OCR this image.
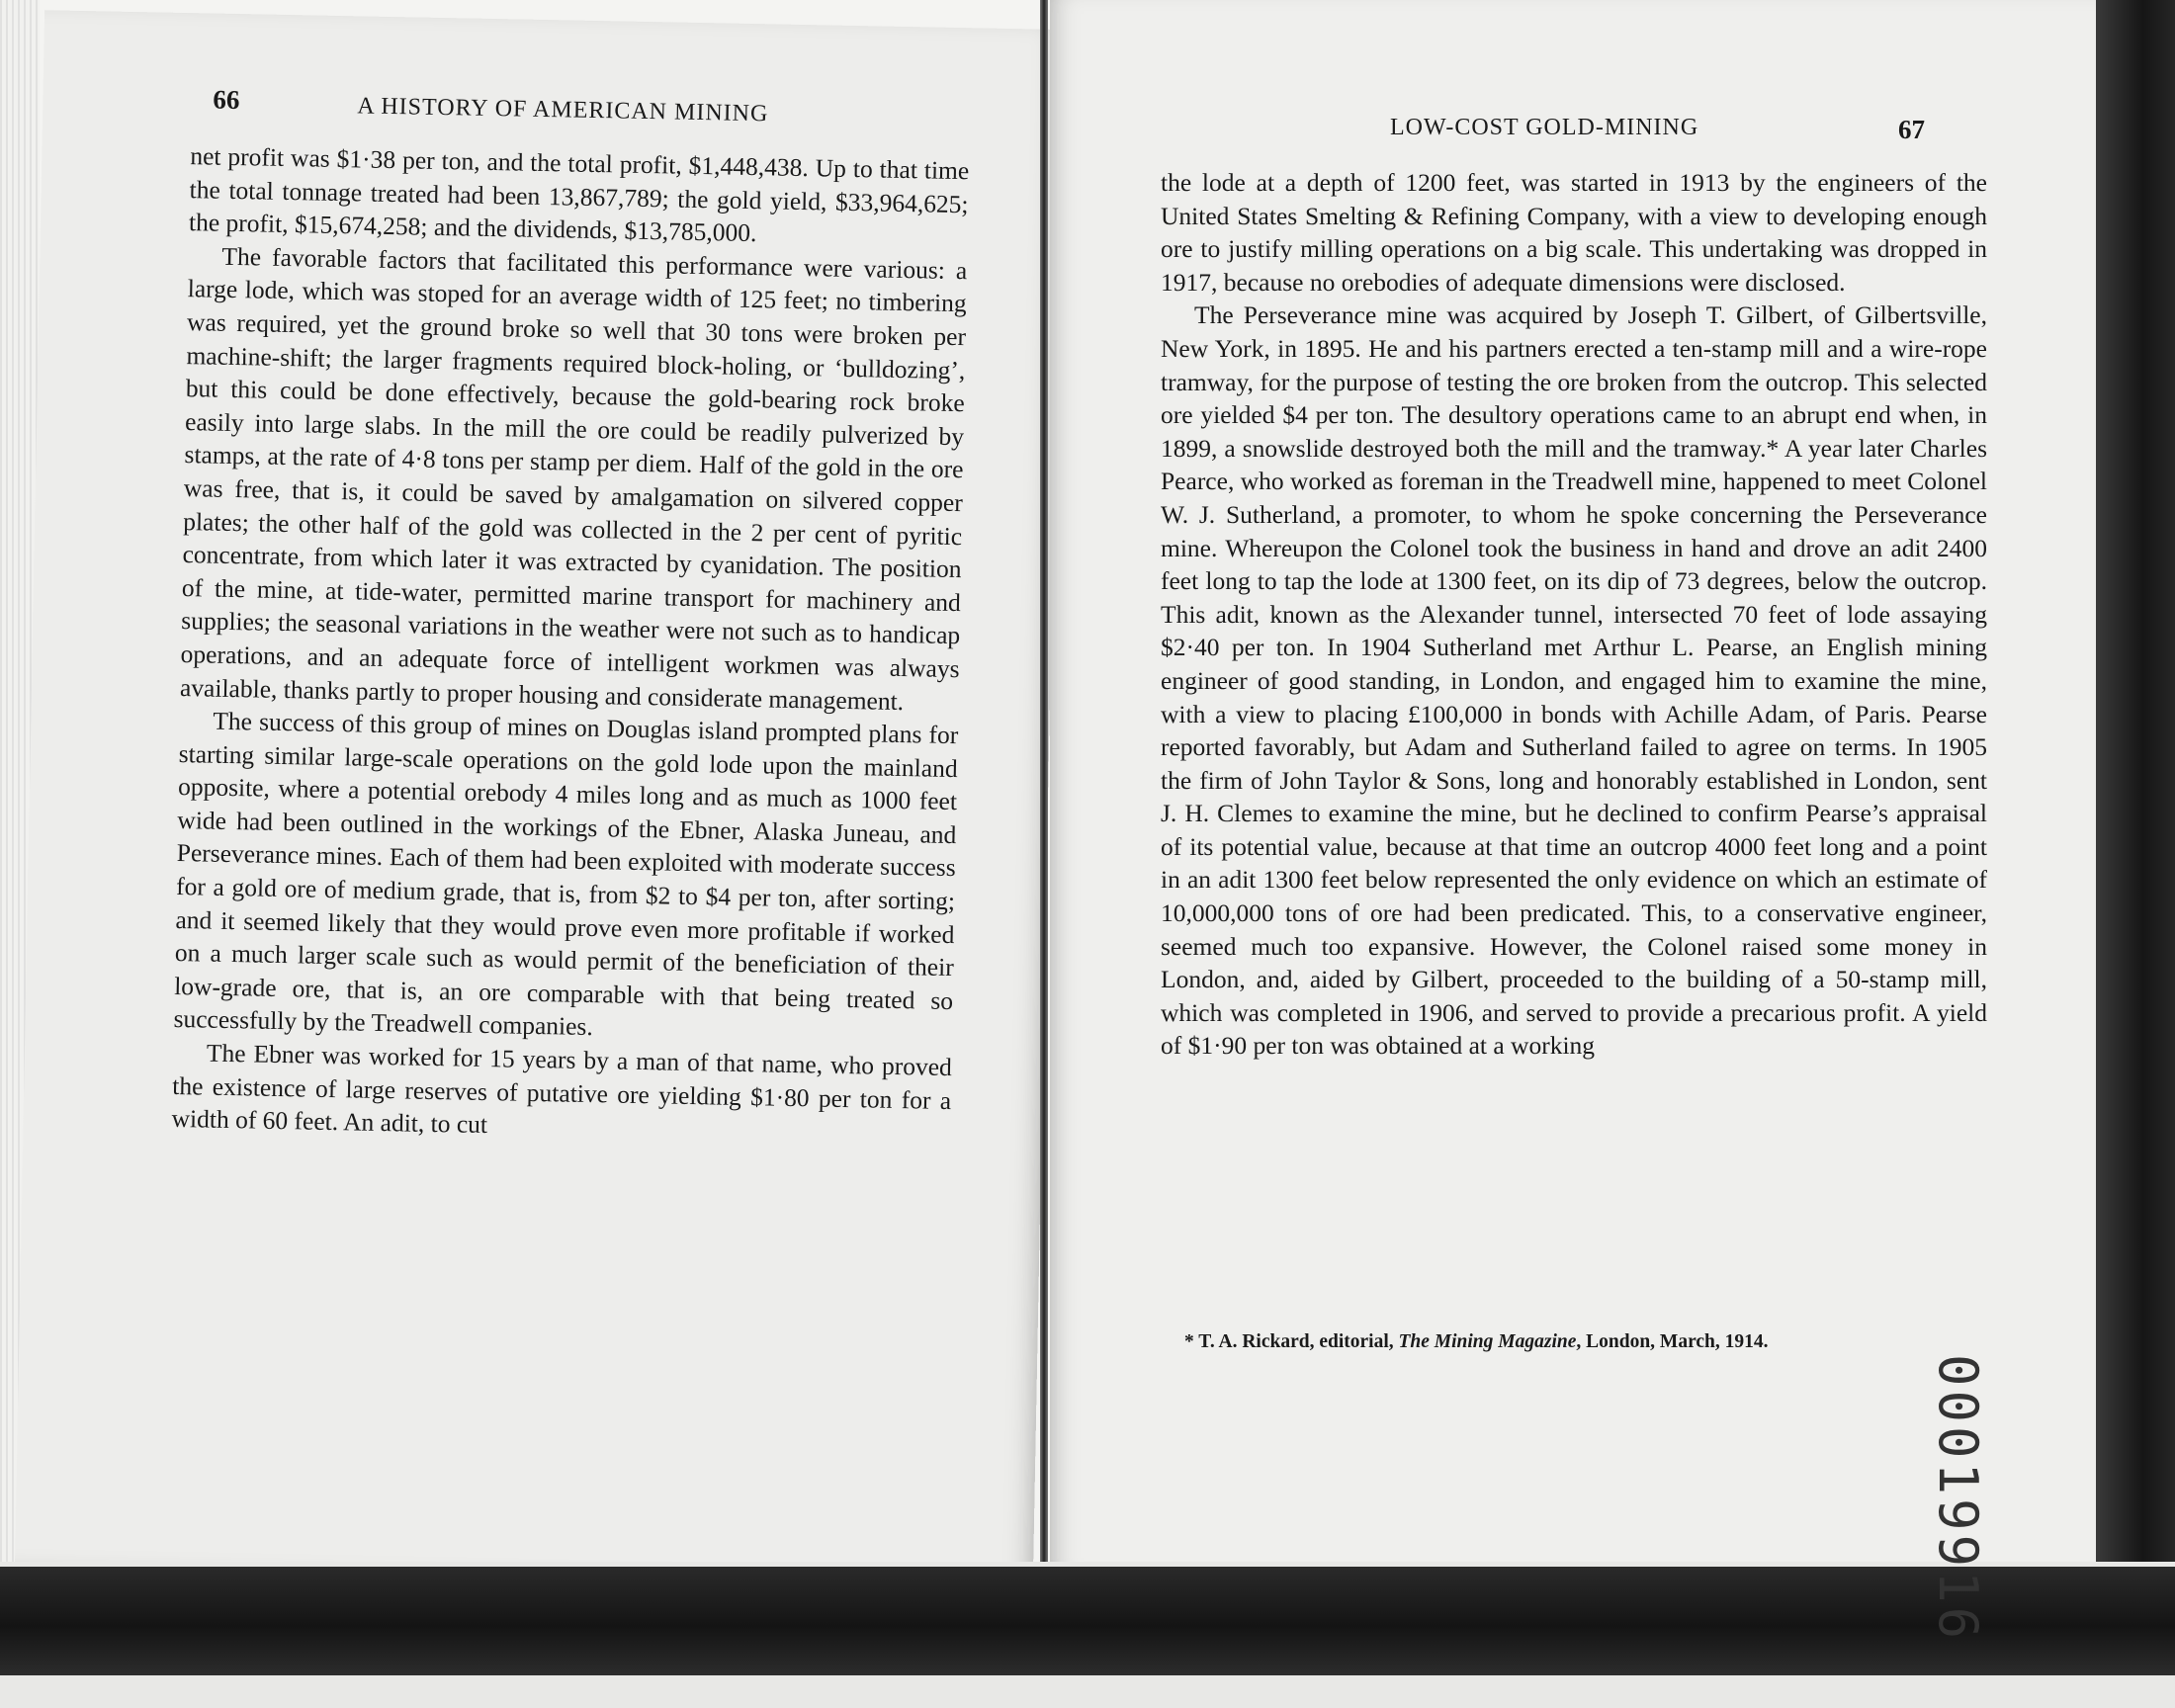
66	A HISTORY OF AMERICAN MINING

net profit was $1·38 per ton, and the total profit, $1,448,438. Up to that time the total tonnage treated had been 13,867,789; the gold yield, $33,964,625; the profit, $15,674,258; and the dividends, $13,785,000.

The favorable factors that facilitated this performance were various: a large lode, which was stoped for an average width of 125 feet; no timbering was required, yet the ground broke so well that 30 tons were broken per machine-shift; the larger fragments required block-holing, or ‘bulldozing’, but this could be done effectively, because the gold-bearing rock broke easily into large slabs. In the mill the ore could be readily pulverized by stamps, at the rate of 4·8 tons per stamp per diem. Half of the gold in the ore was free, that is, it could be saved by amalgamation on silvered copper plates; the other half of the gold was collected in the 2 per cent of pyritic concentrate, from which later it was extracted by cyanidation. The position of the mine, at tide-water, permitted marine transport for machinery and supplies; the seasonal variations in the weather were not such as to handicap operations, and an adequate force of intelligent workmen was always available, thanks partly to proper housing and considerate management.

The success of this group of mines on Douglas island prompted plans for starting similar large-scale operations on the gold lode upon the mainland opposite, where a potential orebody 4 miles long and as much as 1000 feet wide had been outlined in the workings of the Ebner, Alaska Juneau, and Perseverance mines. Each of them had been exploited with moderate success for a gold ore of medium grade, that is, from $2 to $4 per ton, after sorting; and it seemed likely that they would prove even more profitable if worked on a much larger scale such as would permit of the beneficiation of their low-grade ore, that is, an ore comparable with that being treated so successfully by the Treadwell companies.

The Ebner was worked for 15 years by a man of that name, who proved the existence of large reserves of putative ore yielding $1·80 per ton for a width of 60 feet. An adit, to cut

LOW-COST GOLD-MINING	67

the lode at a depth of 1200 feet, was started in 1913 by the engineers of the United States Smelting & Refining Company, with a view to developing enough ore to justify milling operations on a big scale. This undertaking was dropped in 1917, because no orebodies of adequate dimensions were disclosed.

The Perseverance mine was acquired by Joseph T. Gilbert, of Gilbertsville, New York, in 1895. He and his partners erected a ten-stamp mill and a wire-rope tramway, for the purpose of testing the ore broken from the outcrop. This selected ore yielded $4 per ton. The desultory operations came to an abrupt end when, in 1899, a snowslide destroyed both the mill and the tramway.* A year later Charles Pearce, who worked as foreman in the Treadwell mine, happened to meet Colonel W. J. Sutherland, a promoter, to whom he spoke concerning the Perseverance mine. Whereupon the Colonel took the business in hand and drove an adit 2400 feet long to tap the lode at 1300 feet, on its dip of 73 degrees, below the outcrop. This adit, known as the Alexander tunnel, intersected 70 feet of lode assaying $2·40 per ton. In 1904 Sutherland met Arthur L. Pearse, an English mining engineer of good standing, in London, and engaged him to examine the mine, with a view to placing £100,000 in bonds with Achille Adam, of Paris. Pearse reported favorably, but Adam and Sutherland failed to agree on terms. In 1905 the firm of John Taylor & Sons, long and honorably established in London, sent J. H. Clemes to examine the mine, but he declined to confirm Pearse’s appraisal of its potential value, because at that time an outcrop 4000 feet long and a point in an adit 1300 feet below represented the only evidence on which an estimate of 10,000,000 tons of ore had been predicated. This, to a conservative engineer, seemed much too expansive. However, the Colonel raised some money in London, and, aided by Gilbert, proceeded to the building of a 50-stamp mill, which was completed in 1906, and served to provide a precarious profit. A yield of $1·90 per ton was obtained at a working

* T. A. Rickard, editorial, The Mining Magazine, London, March, 1914.
00019916
